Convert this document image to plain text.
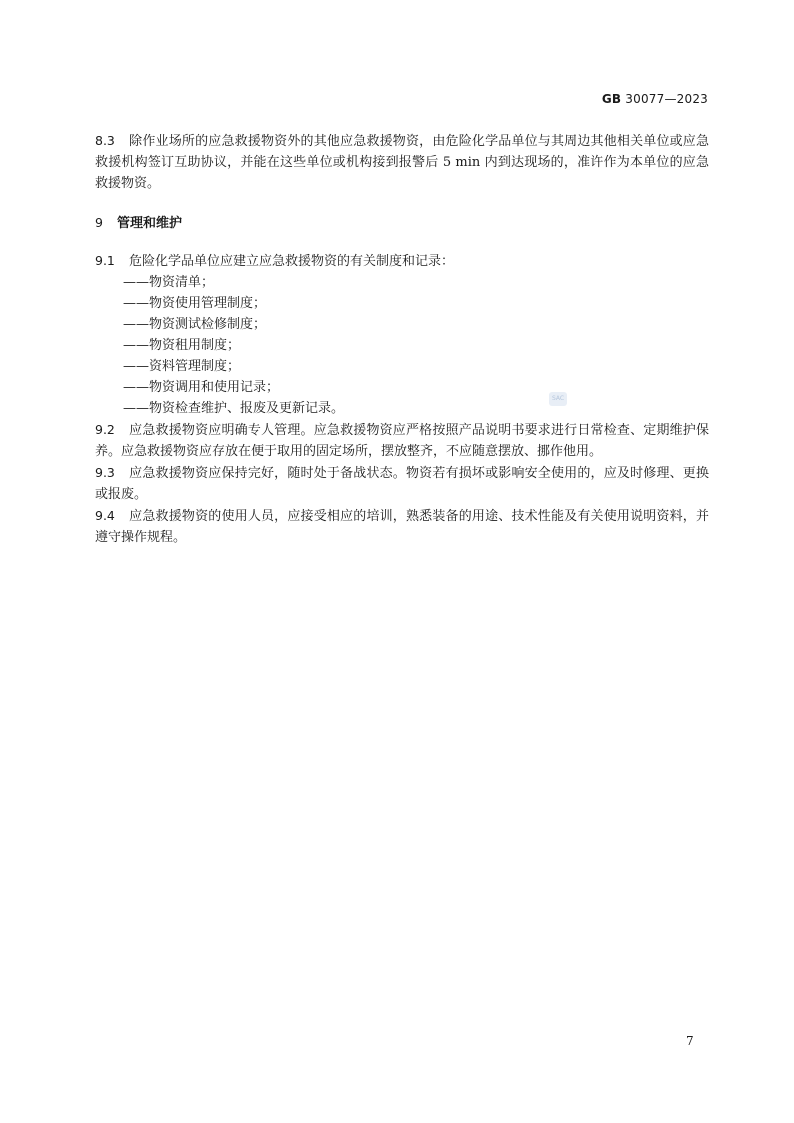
GB 30077—2023

8.3 除作业场所的应急救援物资外的其他应急救援物资，由危险化学品单位与其周边其他相关单位或应急救援机构签订互助协议，并能在这些单位或机构接到报警后 5 min 内到达现场的，准许作为本单位的应急救援物资。

9 管理和维护

9.1 危险化学品单位应建立应急救援物资的有关制度和记录：

——物资清单；
——物资使用管理制度；
——物资测试检修制度；
——物资租用制度；
——资料管理制度；
——物资调用和使用记录；
——物资检查维护、报废及更新记录。

9.2 应急救援物资应明确专人管理。应急救援物资应严格按照产品说明书要求进行日常检查、定期维护保养。应急救援物资应存放在便于取用的固定场所，摆放整齐，不应随意摆放、挪作他用。

9.3 应急救援物资应保持完好，随时处于备战状态。物资若有损坏或影响安全使用的，应及时修理、更换或报废。

9.4 应急救援物资的使用人员，应接受相应的培训，熟悉装备的用途、技术性能及有关使用说明资料，并遵守操作规程。

SAC
7
